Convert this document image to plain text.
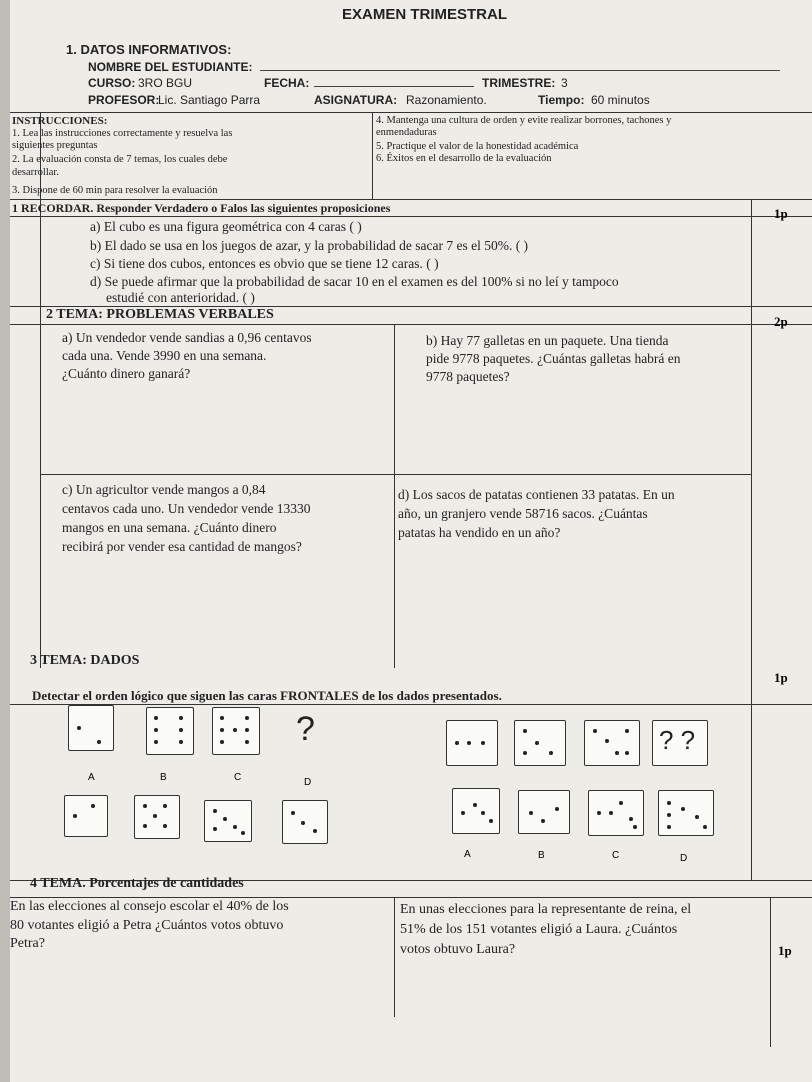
EXAMEN TRIMESTRAL
1. DATOS INFORMATIVOS:
NOMBRE DEL ESTUDIANTE:
CURSO: 3RO BGU	FECHA:	TRIMESTRE: 3
PROFESOR:
Lic. Santiago Parra	ASIGNATURA: Razonamiento.	Tiempo: 60 minutos
INSTRUCCIONES:
1. Lea las instrucciones correctamente y resuelva las
siguientes preguntas
2. La evaluación consta de 7 temas, los cuales debe
desarrollar.
3. Dispone de 60 min para resolver la evaluación
4. Mantenga una cultura de orden y evite realizar borrones, tachones y
enmendaduras
5. Practique el valor de la honestidad académica
6. Éxitos en el desarrollo de la evaluación
1 RECORDAR. Responder Verdadero o Falos las siguientes proposiciones	1p
a) El cubo es una figura geométrica con 4 caras ( )
b) El dado se usa en los juegos de azar, y la probabilidad de sacar 7 es el 50%. ( )
c) Si tiene dos cubos, entonces es obvio que se tiene 12 caras. ( )
d) Se puede afirmar que la probabilidad de sacar 10 en el examen es del 100% si no leí y tampoco
estudié con anterioridad. ( )
2 TEMA: PROBLEMAS VERBALES	2p
a) Un vendedor vende sandias a 0,96 centavos
cada una. Vende 3990 en una semana.
¿Cuánto dinero ganará?
b) Hay 77 galletas en un paquete. Una tienda
pide 9778 paquetes. ¿Cuántas galletas habrá en
9778 paquetes?
c) Un agricultor vende mangos a 0,84
centavos cada uno. Un vendedor vende 13330
mangos en una semana. ¿Cuánto dinero
recibirá por vender esa cantidad de mangos?
d) Los sacos de patatas contienen 33 patatas. En un
año, un granjero vende 58716 sacos. ¿Cuántas
patatas ha vendido en un año?
3 TEMA: DADOS
1p
Detectar el orden lógico que siguen las caras FRONTALES de los dados presentados.
?
A	B	C	D
? ?
A	B	C	D
4 TEMA. Porcentajes de cantidades
En las elecciones al consejo escolar el 40% de los
80 votantes eligió a Petra ¿Cuántos votos obtuvo
Petra?
En unas elecciones para la representante de reina, el
51% de los 151 votantes eligió a Laura. ¿Cuántos
votos obtuvo Laura?	1p
